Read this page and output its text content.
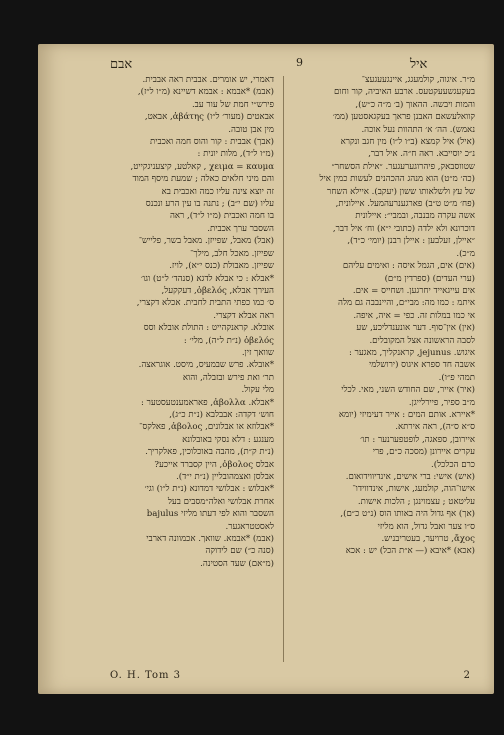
אבם	9	איל
דאמרי, יש אומרים. אבבית ראה אבבית.
(אבמ) *אבמא : אבמא דשיינא (מ״ו ל״ז),
פירש״י חמת של עור עב.
אבאטים (מעור׳ ל״ו) ἀβάτης, אבאט,
מין אבן טובה.
(אבך) אבבית : קור והוס חמה ואכבית
(מ״ו ל״ד), מלות יונית :
χειμα = καυμα , קאלטע, קיצעניגקייט,
והם מיני חלאים כאלה ; שמעת מיסף המוד
זה יוצא צינה עליו כמה ואכבית בא
עליו (שם י״ב) ; נתנה בו עין הרע ונכנס
בו חמה ואכבית (מ״ו ל״ד), ראה
השסבר ערך אכבית.
(אבל) מאבל, שפייזן. מאבל בשר, פלייש־
שפייזן. מאכל חלב, מילך־
שפייזן. מאבולת (כנס י״א), לויז.
*אבלא : כי אבלא לדגא (סנהד׳ ל״ט) וגו׳
העירך אבלא, ὀβελός, דעקקעל,
ס׳ כמו כפתי התבית לחבית. אכלא דקצרי,
ראה אבלא דקצרי.
אובלא. קראנקהייט : התולת אובלא וסס
ὀβελός (נ״ת ל״ה), מלי׳ :
שוואך זין.
*אובלא. פרש שבמעיס, מיסט. אוגראצה.
תר׳ ואת פירש ובזבלה, והוא
מלי עקול.
*אבלא. ἀβολλα, פאראמענטעסטער :
חוש׳ דקדה: אבבלבא (נ״ת כ״ג),
*אבלוזא או אבלונים, ἀβολος, פאלקס־
מענגע : דלא נסקי באובלונא
(נ״ת ק״ת), מהבה באוכלוכין, פאלקריך.
אבלס ὀβολος, היין קסברד אייכע?
אבלסן ואצמהובליין (נ״ת י״ד).
*אבלוש : אבלושי דמדונא (נ״ת ל״ו) וגי׳
אחרת אבלושי ואלה״מסבים בעל
השסבר והוא לפי דעתו מליזי bajulus
לאסטטראגער.
(אבמ) *אבמא. שוואך. אכמוונה דארבי
(סנה כ״) שם לידוקה
(מ״אם) שעד הסטינה.
מ״ר. איגוה, קולמעגג, איינגעעגעצ־
בעקעגשעעקטעס. ארבע האיביה, קור וחום
והמות ויבשה. ההאוך (ב׳ מ״ה כ״ש),
קוואלעשאם האבנן פראך בעקגאסטען (ממ׳
נאמש). הה׳ א׳ התהוות נעל אוכה.
(איל) איל קמצא (ב״ו ל״ו) מין חגב ונקרא
נ״כ יוסייבא. ראה ח״ה. איל דבר,
שטווסבאק, פיהרוגערעגער. ״אילת הסשחר״
(כה׳ מ״ט) הוא מנהג ההכהנים לעשות כמין איל
של עץ ולשלאותו ששון (יעקב). איילא השחר
(פח׳ מ״ט ט״ב) פארגענרעהמעל. איילונית,
אשה עקרה מבנבה, ובמבי״: איילונית
דוכרונא ולא ילדה (כתובי י״א) וח׳ איל דבר,
״איילן, זעלבען : איילן רבנן (יומי׳ כ״ד),
מ״כ).
(אים) אים, הגמל איסה : ואימים עליהם
(ערי העדים) (ספרדין מ״ם)
אים עייגאייד יחרגען. ושחייס = אים.
איתמ : כמו מה: מבי״ם, והיינבבה גם מלה
אי כמו במלות זה. כפי = איה, איפה.
(אין) אין־סוף. דער אונענדליכע, שע
לסבה הראשונה אצל המקובלים.
איגוש. jejunus, קראנקליך, מאגער :
אשבה חד ספרא איגוס (ירושלמי
תמהי פ״ו).
(איר) אייר, שם החודש השני, מאי. לכלי
מ״ב ספיר, פיירלייגן.
*איירא. אותם המים : אייר דעימיזי (יומא
ס״א ס״ה), ראה אירתא.
איירובן, ספאגה, לופטפערנער : תו׳
עקרים איירונן (מסכה כ״ם, פרי
כרם הכלכל).
(איש) אישי: ברי אישים, אינדיווידואום.
אישו־הוה, קולמעג, אישות, אינדווידו־
עליטאט ; עצמוינגן ; הלכות אישות.
(אך) אף גדול היה באותו הוס (נ״ט כ״ם),
ס״ו צער ואבל גדול, הוא מליזי
ἄχος, טרויער, בעטריבניש.
(אכא) *איבא (— א״ת הכל) יש : אכא
O. H. Tom 3	2
